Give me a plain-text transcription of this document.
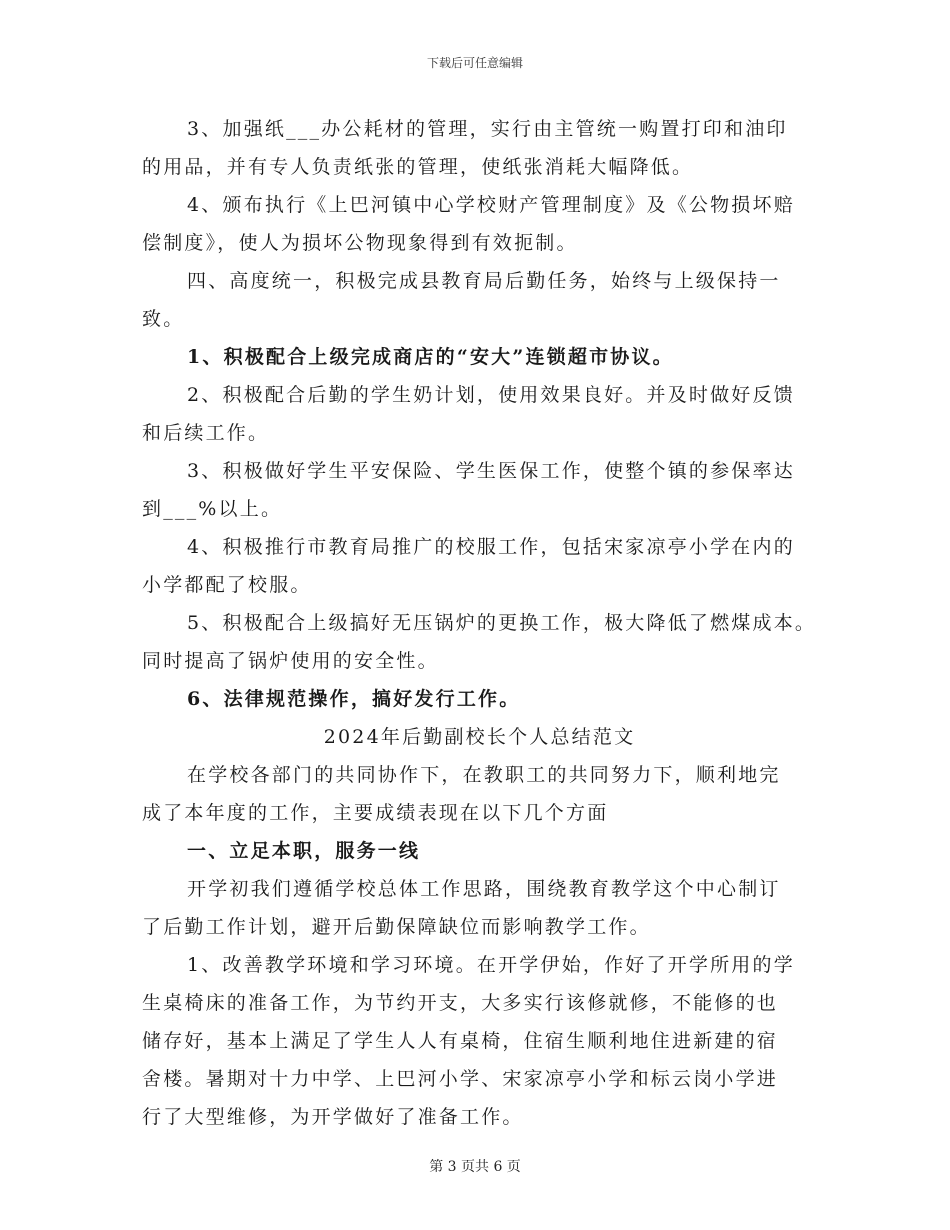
下载后可任意编辑
3、加强纸___办公耗材的管理，实行由主管统一购置打印和油印
的用品，并有专人负责纸张的管理，使纸张消耗大幅降低。
4、颁布执行《上巴河镇中心学校财产管理制度》及《公物损坏赔
偿制度》，使人为损坏公物现象得到有效扼制。
四、高度统一，积极完成县教育局后勤任务，始终与上级保持一
致。
1、积极配合上级完成商店的“安大”连锁超市协议。
2、积极配合后勤的学生奶计划，使用效果良好。并及时做好反馈
和后续工作。
3、积极做好学生平安保险、学生医保工作，使整个镇的参保率达
到___%以上。
4、积极推行市教育局推广的校服工作，包括宋家凉亭小学在内的
小学都配了校服。
5、积极配合上级搞好无压锅炉的更换工作，极大降低了燃煤成本。
同时提高了锅炉使用的安全性。
6、法律规范操作，搞好发行工作。
2024年后勤副校长个人总结范文
在学校各部门的共同协作下，在教职工的共同努力下，顺利地完
成了本年度的工作，主要成绩表现在以下几个方面
一、立足本职，服务一线
开学初我们遵循学校总体工作思路，围绕教育教学这个中心制订
了后勤工作计划，避开后勤保障缺位而影响教学工作。
1、改善教学环境和学习环境。在开学伊始，作好了开学所用的学
生桌椅床的准备工作，为节约开支，大多实行该修就修，不能修的也
储存好，基本上满足了学生人人有桌椅，住宿生顺利地住进新建的宿
舍楼。暑期对十力中学、上巴河小学、宋家凉亭小学和标云岗小学进
行了大型维修，为开学做好了准备工作。
第 3 页共 6 页
